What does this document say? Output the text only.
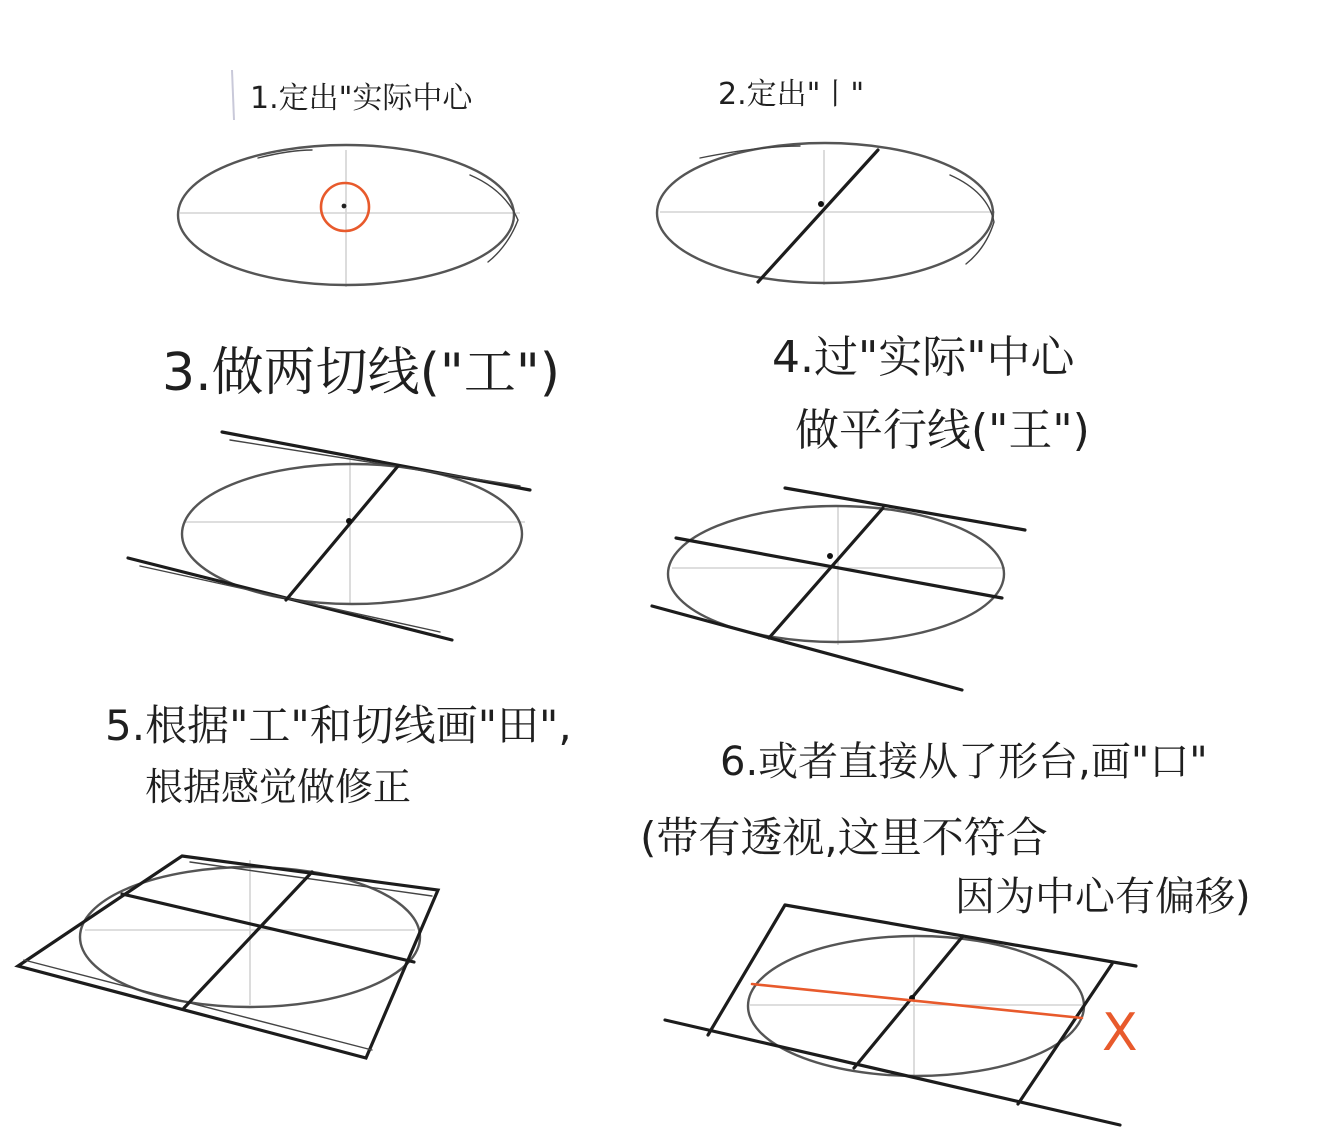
1.定出"实际中心	2.定出"丨"
3.做两切线("工")	4.过"实际"中心
做平行线("王")
5.根据"工"和切线画"田",
根据感觉做修正
6.或者直接从了形台,画"口"
(带有透视,这里不符合
因为中心有偏移)
X
